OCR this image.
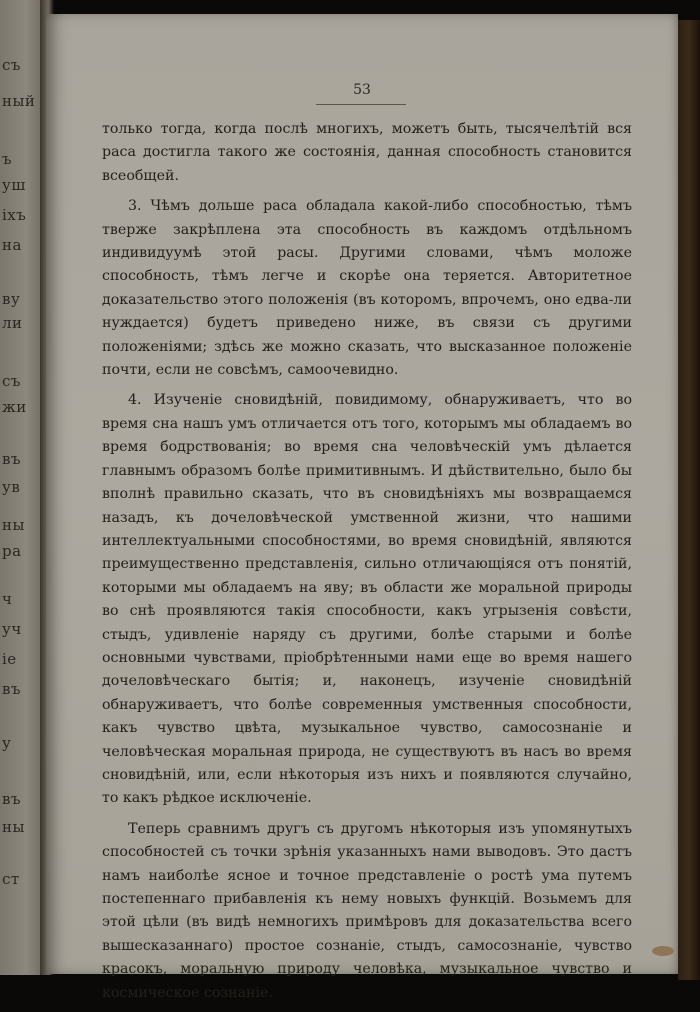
съ
ный
ъ
уш
іхъ
на
ву
ли
съ
жи
въ
ув
ны
ра
ч
уч
іе
въ
у
въ
ны
ст
53

только тогда, когда послѣ многихъ, можетъ быть, тысячелѣтій вся раса достигла такого же состоянія, данная способность становится всеобщей.

3. Чѣмъ дольше раса обладала какой-либо способностью, тѣмъ тверже закрѣплена эта способность въ каждомъ отдѣльномъ индивидуумѣ этой расы. Другими словами, чѣмъ моложе способность, тѣмъ легче и скорѣе она теряется. Авторитетное доказательство этого положенія (въ которомъ, впрочемъ, оно едва-ли нуждается) будетъ приведено ниже, въ связи съ другими положеніями; здѣсь же можно сказать, что высказанное положеніе почти, если не совсѣмъ, самоочевидно.

4. Изученіе сновидѣній, повидимому, обнаруживаетъ, что во время сна нашъ умъ отличается отъ того, которымъ мы обладаемъ во время бодрствованія; во время сна человѣческій умъ дѣлается главнымъ образомъ болѣе примитивнымъ. И дѣйствительно, было бы вполнѣ правильно сказать, что въ сновидѣніяхъ мы возвращаемся назадъ, къ дочеловѣческой умственной жизни, что нашими интеллектуальными способностями, во время сновидѣній, являются преимущественно представленія, сильно отличающіяся отъ понятій, которыми мы обладаемъ на яву; въ области же моральной природы во снѣ проявляются такія способности, какъ угрызенія совѣсти, стыдъ, удивленіе наряду съ другими, болѣе старыми и болѣе основными чувствами, пріобрѣтенными нами еще во время нашего дочеловѣческаго бытія; и, наконецъ, изученіе сновидѣній обнаруживаетъ, что болѣе современныя умственныя способности, какъ чувство цвѣта, музыкальное чувство, самосознаніе и человѣческая моральная природа, не существуютъ въ насъ во время сновидѣній, или, если нѣкоторыя изъ нихъ и появляются случайно, то какъ рѣдкое исключеніе.

Теперь сравнимъ другъ съ другомъ нѣкоторыя изъ упомянутыхъ способностей съ точки зрѣнія указанныхъ нами выводовъ. Это дастъ намъ наиболѣе ясное и точное представленіе о ростѣ ума путемъ постепеннаго прибавленія къ нему новыхъ функцій. Возьмемъ для этой цѣли (въ видѣ немногихъ примѣровъ для доказательства всего вышесказаннаго) простое сознаніе, стыдъ, самосознаніе, чувство красокъ, моральную природу человѣка, музыкальное чувство и космическое сознаніе.
